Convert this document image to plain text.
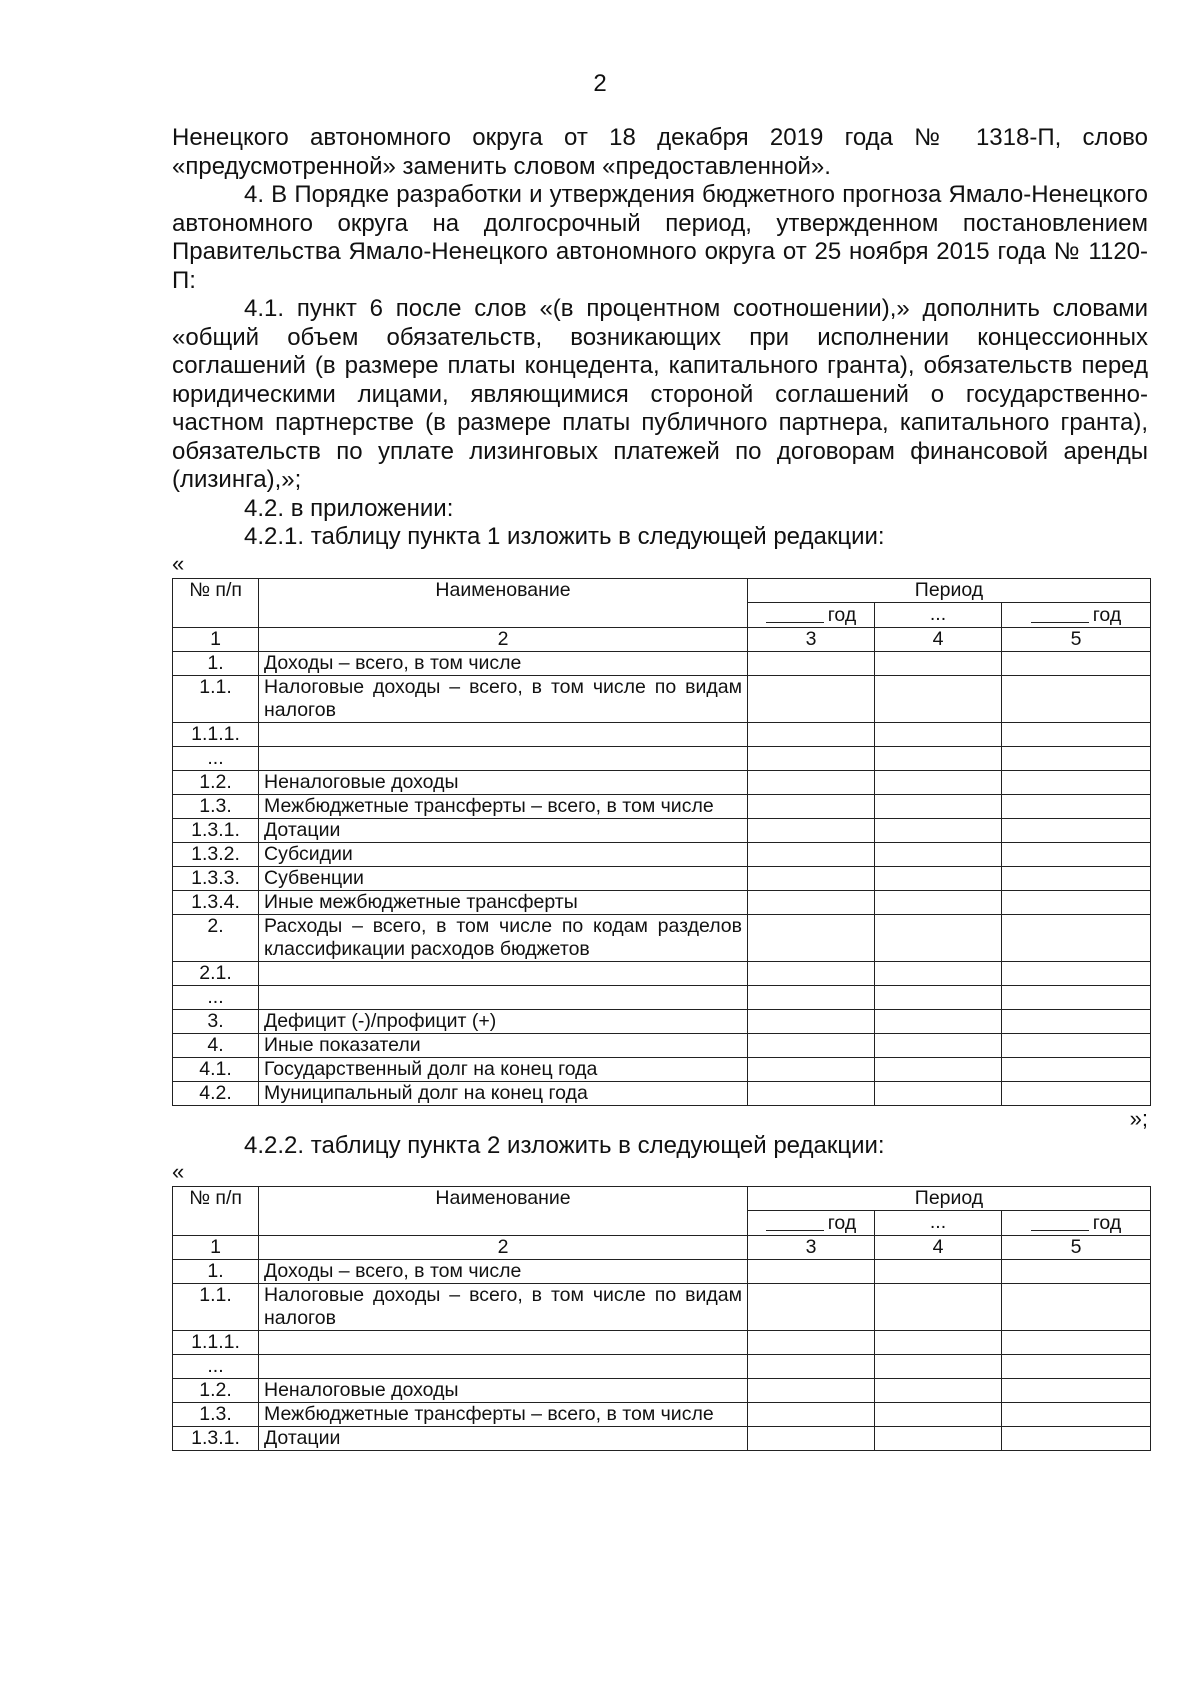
2

Ненецкого автономного округа от 18 декабря 2019 года № 1318-П, слово «предусмотренной» заменить словом «предоставленной».

4. В Порядке разработки и утверждения бюджетного прогноза Ямало-Ненецкого автономного округа на долгосрочный период, утвержденном постановлением Правительства Ямало-Ненецкого автономного округа от 25 ноября 2015 года № 1120-П:

4.1. пункт 6 после слов «(в процентном соотношении),» дополнить словами «общий объем обязательств, возникающих при исполнении концессионных соглашений (в размере платы концедента, капитального гранта), обязательств перед юридическими лицами, являющимися стороной соглашений о государственно-частном партнерстве (в размере платы публичного партнера, капитального гранта), обязательств по уплате лизинговых платежей по договорам финансовой аренды (лизинга),»;

4.2. в приложении:

4.2.1. таблицу пункта 1 изложить в следующей редакции:

«
№ п/п	Наименование	Период		
		год	...	год
1	2	3	4	5
1.	Доходы – всего, в том числе			
1.1.	Налоговые доходы – всего, в том числе по видам налогов			
1.1.1.				
...				
1.2.	Неналоговые доходы			
1.3.	Межбюджетные трансферты – всего, в том числе			
1.3.1.	Дотации			
1.3.2.	Субсидии			
1.3.3.	Субвенции			
1.3.4.	Иные межбюджетные трансферты			
2.	Расходы – всего, в том числе по кодам разделов классификации расходов бюджетов			
2.1.				
...				
3.	Дефицит (-)/профицит (+)			
4.	Иные показатели			
4.1.	Государственный долг на конец года			
4.2.	Муниципальный долг на конец года			
»;

4.2.2. таблицу пункта 2 изложить в следующей редакции:

«
№ п/п	Наименование	Период		
		год	...	год
1	2	3	4	5
1.	Доходы – всего, в том числе			
1.1.	Налоговые доходы – всего, в том числе по видам налогов			
1.1.1.				
...				
1.2.	Неналоговые доходы			
1.3.	Межбюджетные трансферты – всего, в том числе			
1.3.1.	Дотации			
